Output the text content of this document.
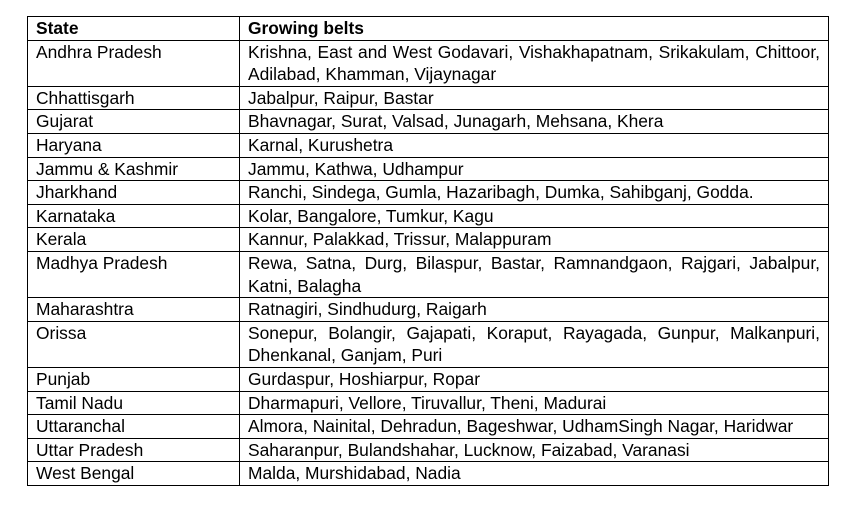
State	Growing belts
Andhra Pradesh	Krishna, East and West Godavari, Vishakhapatnam, Srikakulam, Chittoor, Adilabad, Khamman, Vijaynagar
Chhattisgarh	Jabalpur, Raipur, Bastar
Gujarat	Bhavnagar, Surat, Valsad, Junagarh, Mehsana, Khera
Haryana	Karnal, Kurushetra
Jammu & Kashmir	Jammu, Kathwa, Udhampur
Jharkhand	Ranchi, Sindega, Gumla, Hazaribagh, Dumka, Sahibganj, Godda.
Karnataka	Kolar, Bangalore, Tumkur, Kagu
Kerala	Kannur, Palakkad, Trissur, Malappuram
Madhya Pradesh	Rewa, Satna, Durg, Bilaspur, Bastar, Ramnandgaon, Rajgari, Jabalpur, Katni, Balagha
Maharashtra	Ratnagiri, Sindhudurg, Raigarh
Orissa	Sonepur, Bolangir, Gajapati, Koraput, Rayagada, Gunpur, Malkanpuri, Dhenkanal, Ganjam, Puri
Punjab	Gurdaspur, Hoshiarpur, Ropar
Tamil Nadu	Dharmapuri, Vellore, Tiruvallur, Theni, Madurai
Uttaranchal	Almora, Nainital, Dehradun, Bageshwar, UdhamSingh Nagar, Haridwar
Uttar Pradesh	Saharanpur, Bulandshahar, Lucknow, Faizabad, Varanasi
West Bengal	Malda, Murshidabad, Nadia
